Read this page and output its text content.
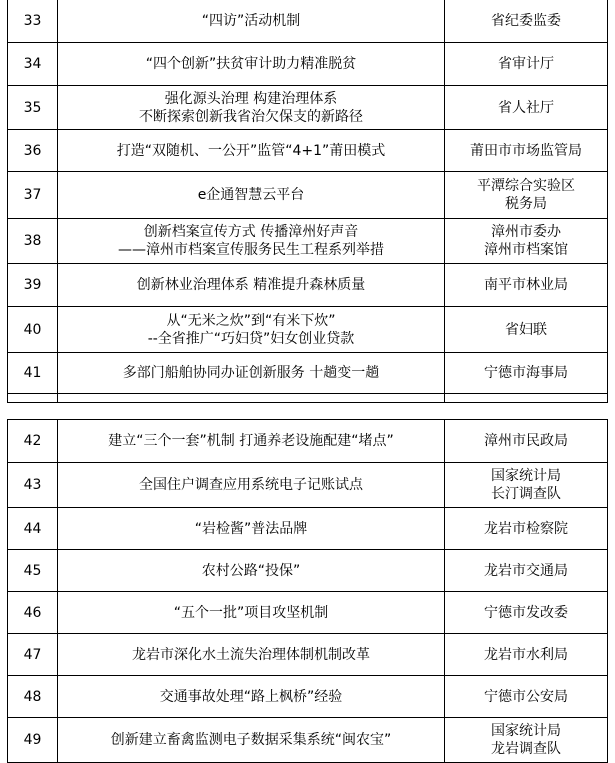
33	“四访”活动机制	省纪委监委

34	“四个创新”扶贫审计助力精准脱贫	省审计厅

35	强化源头治理 构建治理体系
不断探索创新我省治欠保支的新路径	省人社厅

36	打造“双随机、一公开”监管“4+1”莆田模式	莆田市市场监管局

37	e企通智慧云平台	平潭综合实验区
税务局

38	创新档案宣传方式 传播漳州好声音
——漳州市档案宣传服务民生工程系列举措	漳州市委办
漳州市档案馆

39	创新林业治理体系 精准提升森林质量	南平市林业局

40	从“无米之炊”到“有米下炊”
--全省推广“巧妇贷”妇女创业贷款	省妇联

41	多部门船舶协同办证创新服务 十趟变一趟	宁德市海事局

42	建立“三个一套”机制 打通养老设施配建“堵点”	漳州市民政局

43	全国住户调查应用系统电子记账试点	国家统计局
长汀调查队

44	“岩检酱”普法品牌	龙岩市检察院

45	农村公路“投保”	龙岩市交通局

46	“五个一批”项目攻坚机制	宁德市发改委

47	龙岩市深化水土流失治理体制机制改革	龙岩市水利局

48	交通事故处理“路上枫桥”经验	宁德市公安局

49	创新建立畜禽监测电子数据采集系统“闽农宝”	国家统计局
龙岩调查队
